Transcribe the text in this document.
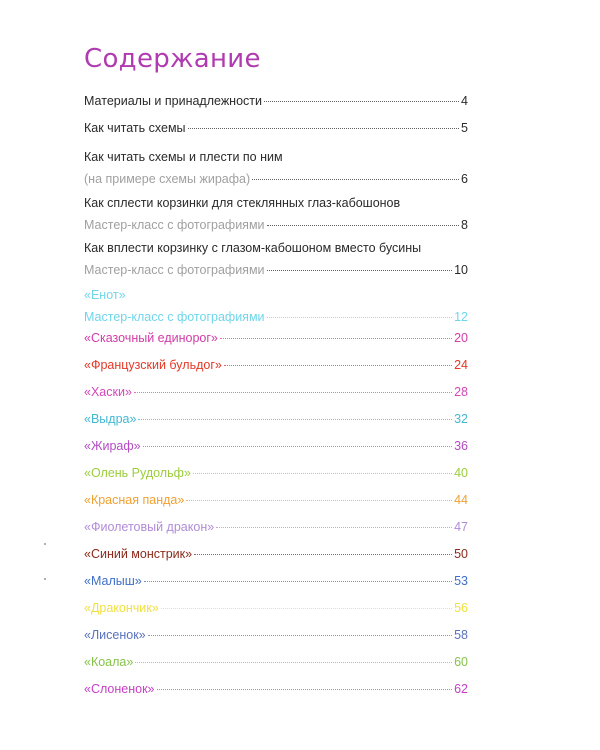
Содержание
Материалы и принадлежности	4
Как читать схемы	5
Как читать схемы и плести по ним
(на примере схемы жирафа)	6
Как сплести корзинки для стеклянных глаз-кабошонов
Мастер-класс с фотографиями	8
Как вплести корзинку с глазом-кабошоном вместо бусины
Мастер-класс с фотографиями	10
«Енот»
Мастер-класс с фотографиями	12
«Сказочный единорог»	20
«Французский бульдог»	24
«Хаски»	28
«Выдра»	32
«Жираф»	36
«Олень Рудольф»	40
«Красная панда»	44
«Фиолетовый дракон»	47
«Синий монстрик»	50
«Малыш»	53
«Дракончик»	56
«Лисенок»	58
«Коала»	60
«Слоненок»	62
